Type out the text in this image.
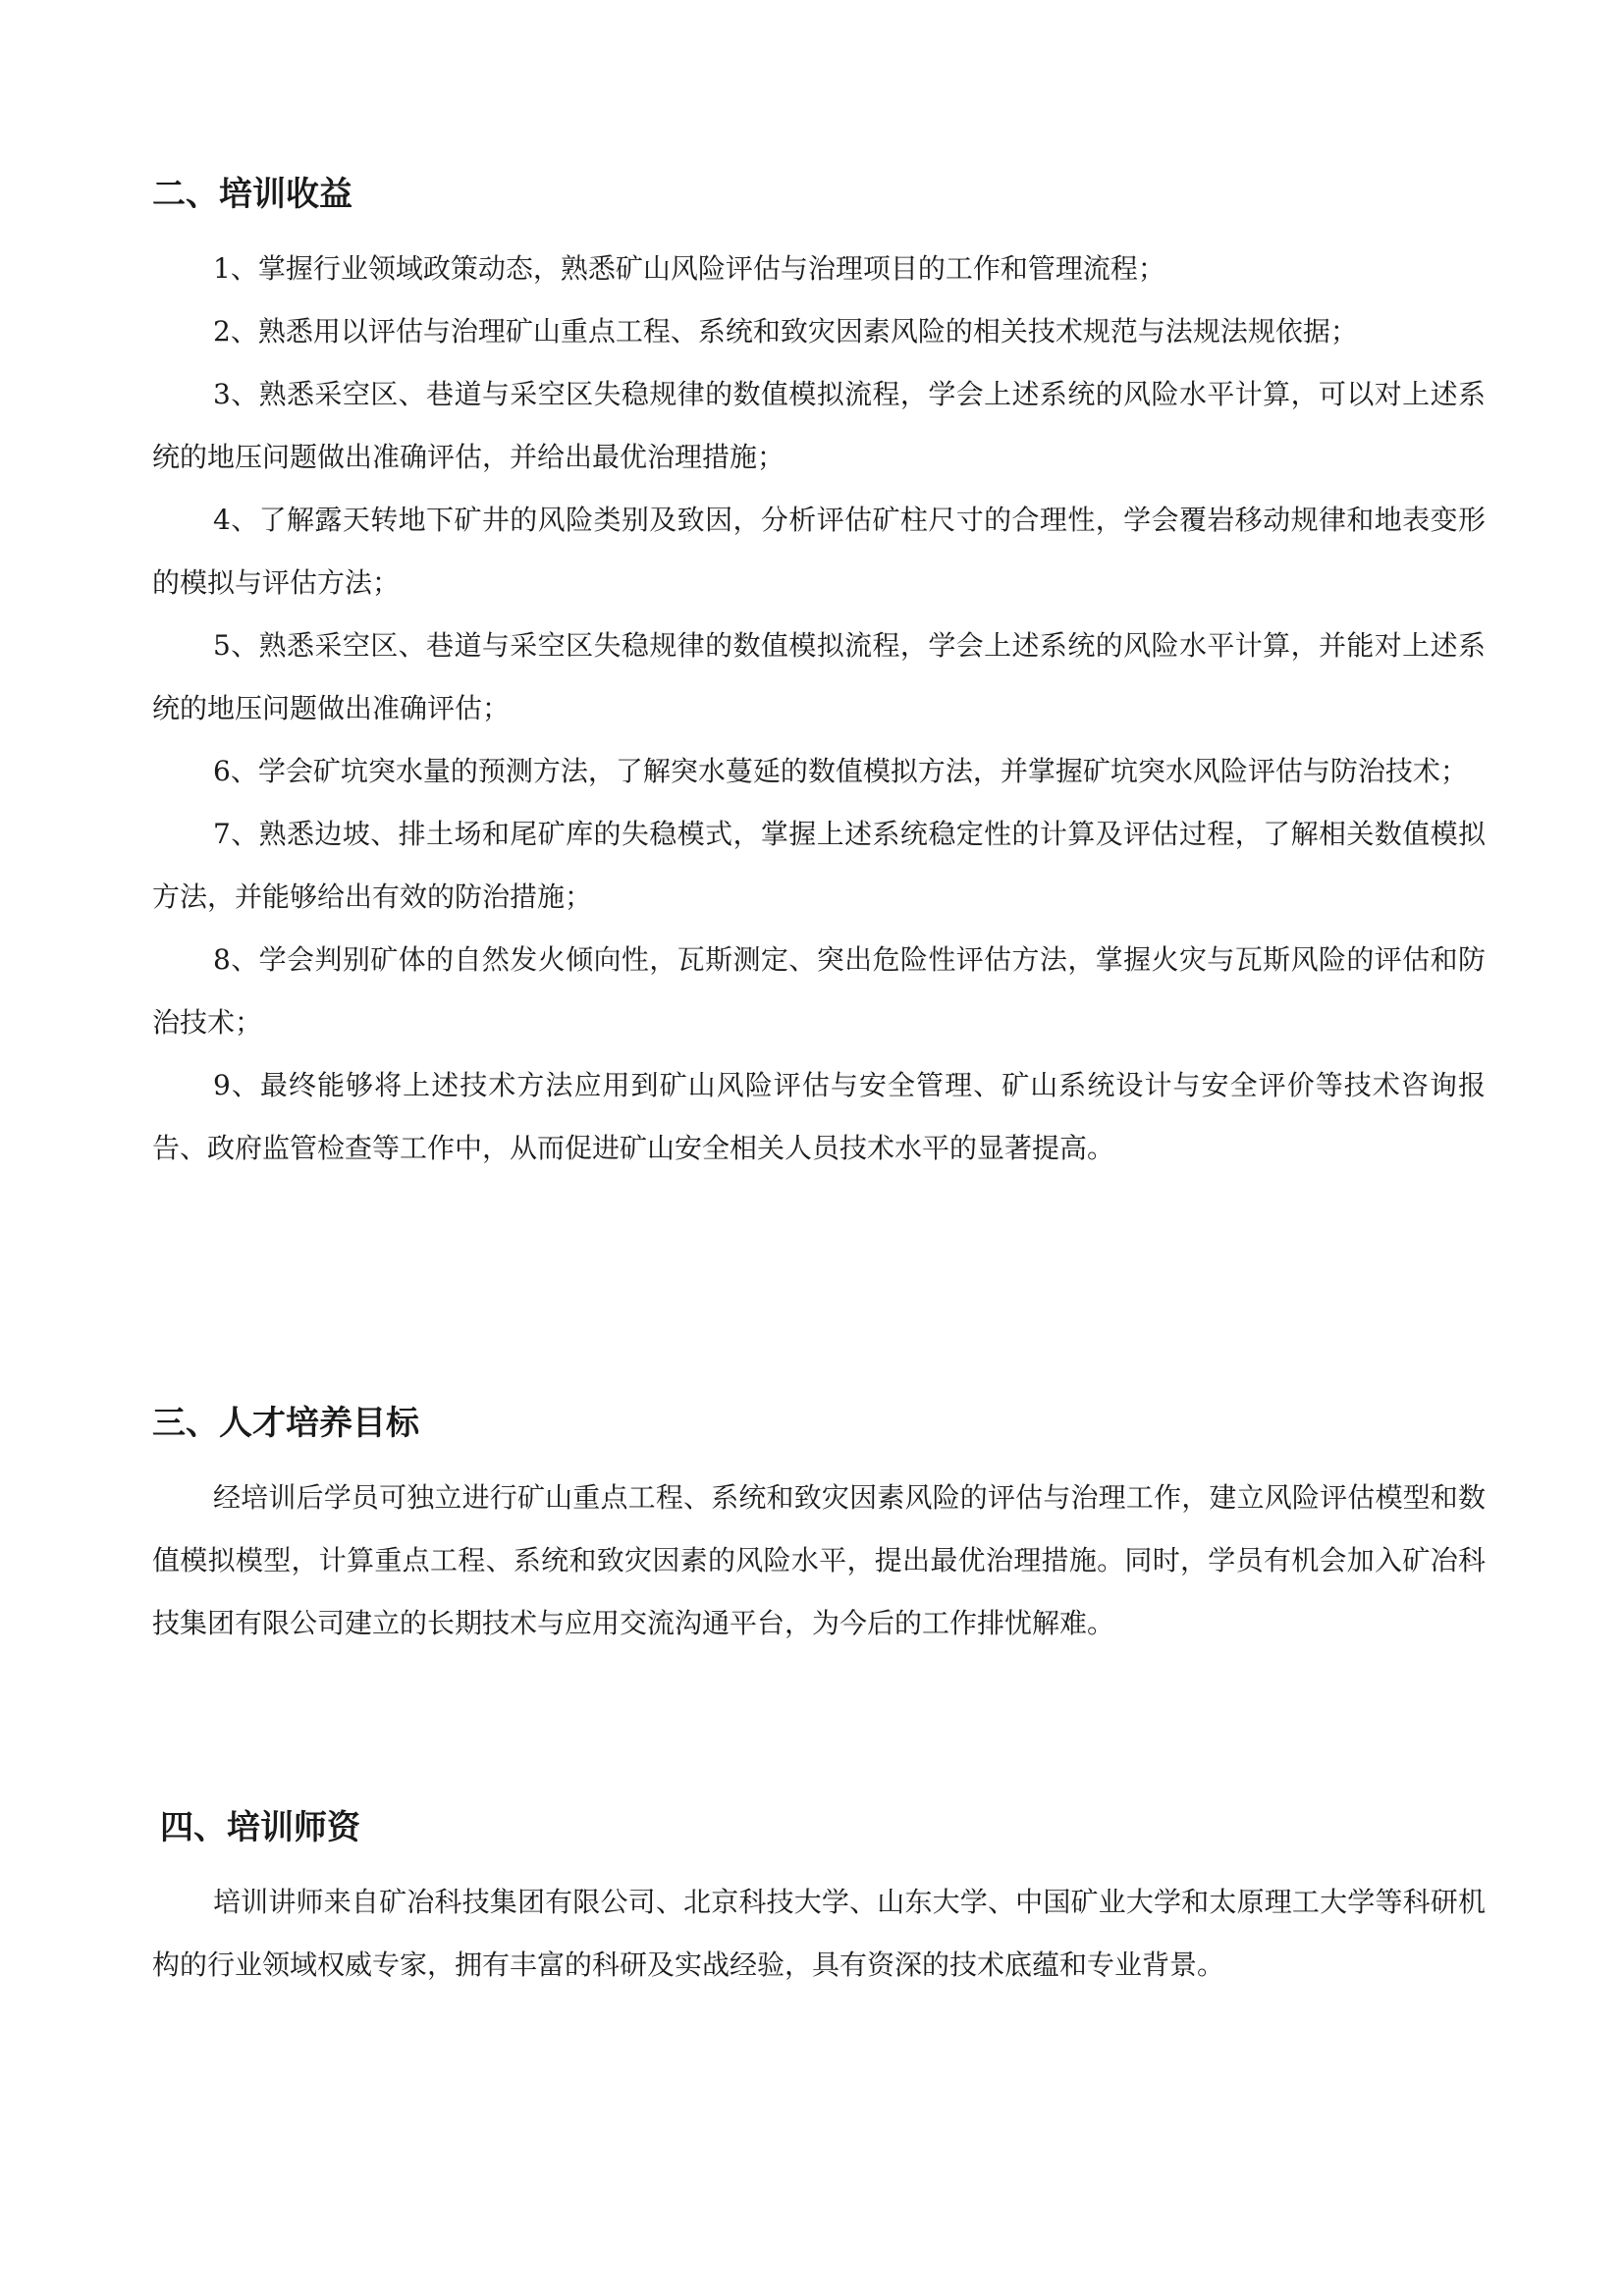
二、培训收益

1、掌握行业领域政策动态，熟悉矿山风险评估与治理项目的工作和管理流程；

2、熟悉用以评估与治理矿山重点工程、系统和致灾因素风险的相关技术规范与法规法规依据；

3、熟悉采空区、巷道与采空区失稳规律的数值模拟流程，学会上述系统的风险水平计算，可以对上述系统的地压问题做出准确评估，并给出最优治理措施；

4、了解露天转地下矿井的风险类别及致因，分析评估矿柱尺寸的合理性，学会覆岩移动规律和地表变形的模拟与评估方法；

5、熟悉采空区、巷道与采空区失稳规律的数值模拟流程，学会上述系统的风险水平计算，并能对上述系统的地压问题做出准确评估；

6、学会矿坑突水量的预测方法，了解突水蔓延的数值模拟方法，并掌握矿坑突水风险评估与防治技术；

7、熟悉边坡、排土场和尾矿库的失稳模式，掌握上述系统稳定性的计算及评估过程，了解相关数值模拟方法，并能够给出有效的防治措施；

8、学会判别矿体的自然发火倾向性，瓦斯测定、突出危险性评估方法，掌握火灾与瓦斯风险的评估和防治技术；

9、最终能够将上述技术方法应用到矿山风险评估与安全管理、矿山系统设计与安全评价等技术咨询报告、政府监管检查等工作中，从而促进矿山安全相关人员技术水平的显著提高。

三、人才培养目标

经培训后学员可独立进行矿山重点工程、系统和致灾因素风险的评估与治理工作，建立风险评估模型和数值模拟模型，计算重点工程、系统和致灾因素的风险水平，提出最优治理措施。同时，学员有机会加入矿冶科技集团有限公司建立的长期技术与应用交流沟通平台，为今后的工作排忧解难。

四、培训师资

培训讲师来自矿冶科技集团有限公司、北京科技大学、山东大学、中国矿业大学和太原理工大学等科研机构的行业领域权威专家，拥有丰富的科研及实战经验，具有资深的技术底蕴和专业背景。
